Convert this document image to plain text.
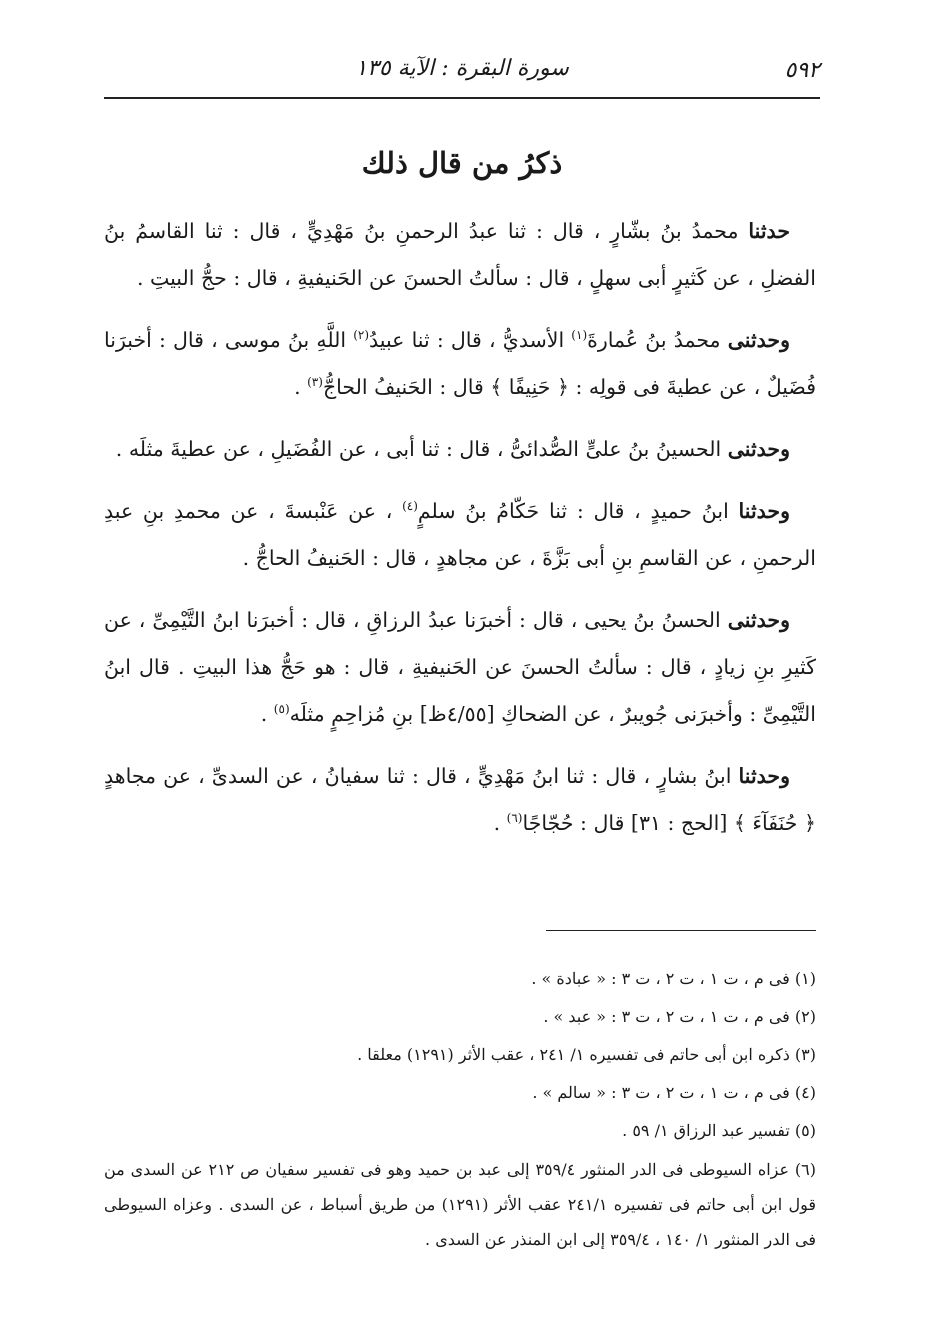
٥٩٢
سورة البقرة : الآية ١٣٥
ذكرُ من قال ذلك

حدثنا محمدُ بنُ بشّارٍ ، قال : ثنا عبدُ الرحمنِ بنُ مَهْدِيٍّ ، قال : ثنا القاسمُ بنُ الفضلِ ، عن كَثيرٍ أبى سهلٍ ، قال : سألتُ الحسنَ عن الحَنيفيةِ ، قال : حجُّ البيتِ .

وحدثنى محمدُ بنُ عُمارةَ$^{(١)}$ الأسديُّ ، قال : ثنا عبيدُ$^{(٢)}$ اللَّهِ بنُ موسى ، قال : أخبرَنا فُضَيلٌ ، عن عطيةَ فى قولِه : ﴿ حَنِيفًا ﴾ قال : الحَنيفُ الحاجُّ$^{(٣)}$ .

وحدثنى الحسينُ بنُ علىٍّ الصُّدائىُّ ، قال : ثنا أبى ، عن الفُضَيلِ ، عن عطيةَ مثلَه .

وحدثنا ابنُ حميدٍ ، قال : ثنا حَكّامُ بنُ سلمٍ$^{(٤)}$ ، عن عَنْبسةَ ، عن محمدِ بنِ عبدِ الرحمنِ ، عن القاسمِ بنِ أبى بَزَّةَ ، عن مجاهدٍ ، قال : الحَنيفُ الحاجُّ .

وحدثنى الحسنُ بنُ يحيى ، قال : أخبرَنا عبدُ الرزاقِ ، قال : أخبرَنا ابنُ التَّيْمِىِّ ، عن كَثيرِ بنِ زيادٍ ، قال : سألتُ الحسنَ عن الحَنيفيةِ ، قال : هو حَجُّ هذا البيتِ . قال ابنُ التَّيْمِىِّ : وأخبرَنى جُويبرٌ ، عن الضحاكِ [٤/٥٥ظ] بنِ مُزاحِمٍ مثلَه$^{(٥)}$ .

وحدثنا ابنُ بشارٍ ، قال : ثنا ابنُ مَهْدِيٍّ ، قال : ثنا سفيانُ ، عن السدىِّ ، عن مجاهدٍ ﴿ حُنَفَآءَ ﴾ [الحج : ٣١] قال : حُجّاجًا$^{(٦)}$ .

(١) فى م ، ت ١ ، ت ٢ ، ت ٣ : « عبادة » .

(٢) فى م ، ت ١ ، ت ٢ ، ت ٣ : « عبد » .

(٣) ذكره ابن أبى حاتم فى تفسيره ١/ ٢٤١ ، عقب الأثر (١٢٩١) معلقا .

(٤) فى م ، ت ١ ، ت ٢ ، ت ٣ : « سالم » .

(٥) تفسير عبد الرزاق ١/ ٥٩ .

(٦) عزاه السيوطى فى الدر المنثور ٣٥٩/٤ إلى عبد بن حميد وهو فى تفسير سفيان ص ٢١٢ عن السدى من قول ابن أبى حاتم فى تفسيره ٢٤١/١ عقب الأثر (١٢٩١) من طريق أسباط ، عن السدى . وعزاه السيوطى فى الدر المنثور ١/ ١٤٠ ، ٣٥٩/٤ إلى ابن المنذر عن السدى .
